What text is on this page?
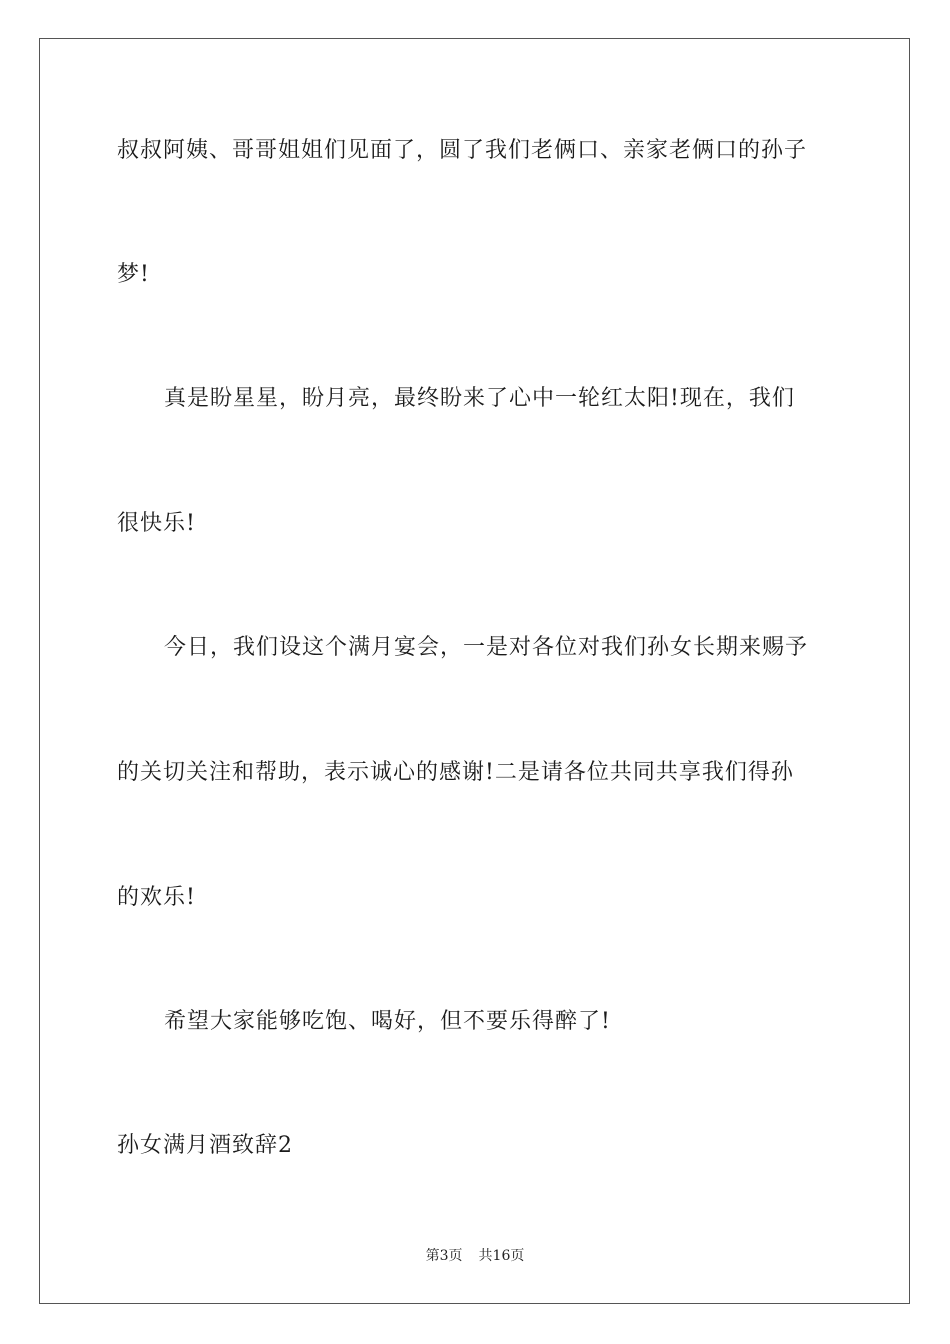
叔叔阿姨、哥哥姐姐们见面了，圆了我们老俩口、亲家老俩口的孙子
梦!
真是盼星星，盼月亮，最终盼来了心中一轮红太阳!现在，我们
很快乐!
今日，我们设这个满月宴会，一是对各位对我们孙女长期来赐予
的关切关注和帮助，表示诚心的感谢!二是请各位共同共享我们得孙
的欢乐!
希望大家能够吃饱、喝好，但不要乐得醉了!
孙女满月酒致辞2
第3页 共16页
